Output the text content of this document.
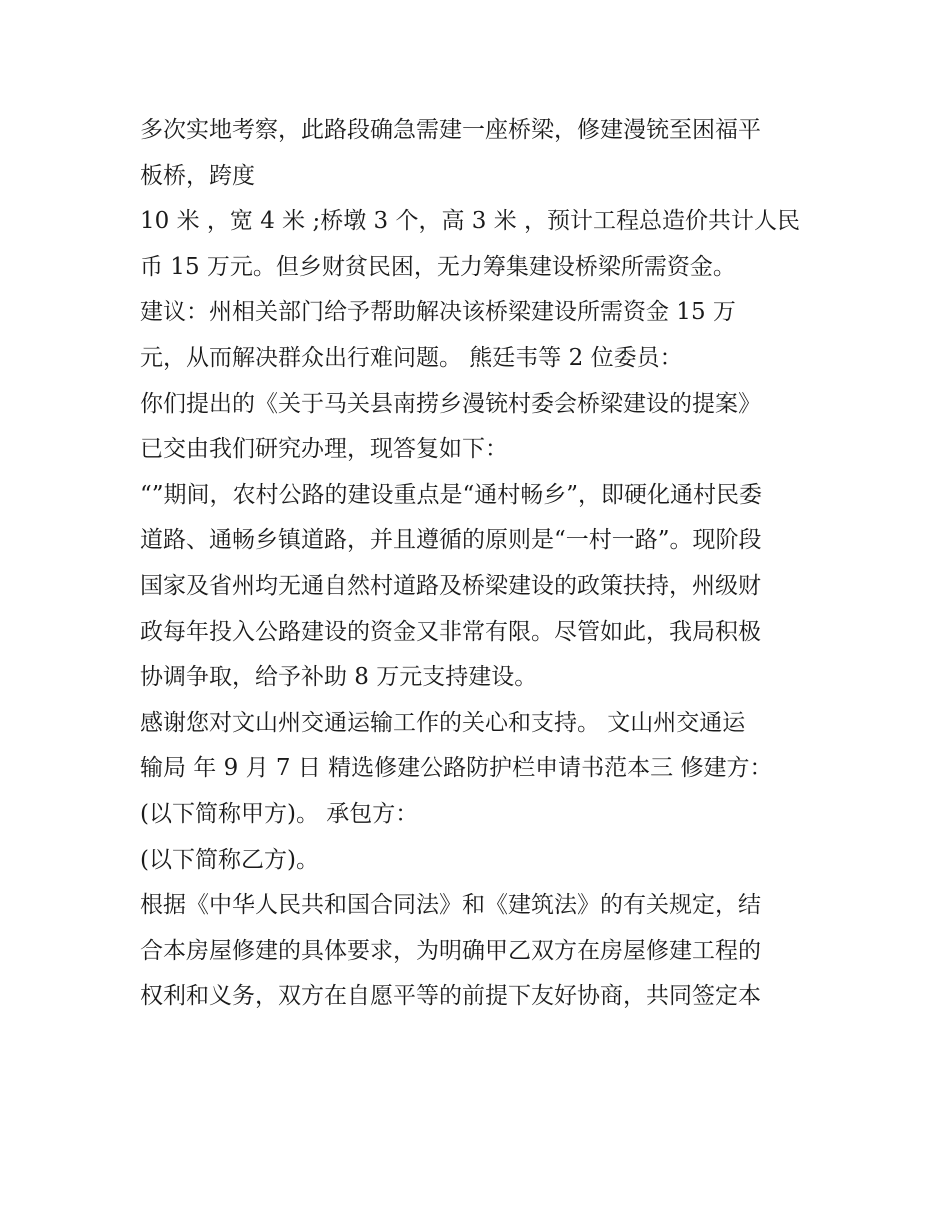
多次实地考察，此路段确急需建一座桥梁，修建漫铳至困福平
板桥，跨度
10 米 ，宽 4 米 ;桥墩 3 个，高 3 米 ，预计工程总造价共计人民
币 15 万元。但乡财贫民困，无力筹集建设桥梁所需资金。
建议：州相关部门给予帮助解决该桥梁建设所需资金 15 万
元，从而解决群众出行难问题。 熊廷韦等 2 位委员：
你们提出的《关于马关县南捞乡漫铳村委会桥梁建设的提案》
已交由我们研究办理，现答复如下：
“”期间，农村公路的建设重点是“通村畅乡”，即硬化通村民委
道路、通畅乡镇道路，并且遵循的原则是“一村一路”。现阶段
国家及省州均无通自然村道路及桥梁建设的政策扶持，州级财
政每年投入公路建设的资金又非常有限。尽管如此，我局积极
协调争取，给予补助 8 万元支持建设。
感谢您对文山州交通运输工作的关心和支持。 文山州交通运
输局 年 9 月 7 日 精选修建公路防护栏申请书范本三 修建方：
(以下简称甲方)。 承包方：
(以下简称乙方)。
根据《中华人民共和国合同法》和《建筑法》的有关规定，结
合本房屋修建的具体要求，为明确甲乙双方在房屋修建工程的
权利和义务，双方在自愿平等的前提下友好协商，共同签定本
